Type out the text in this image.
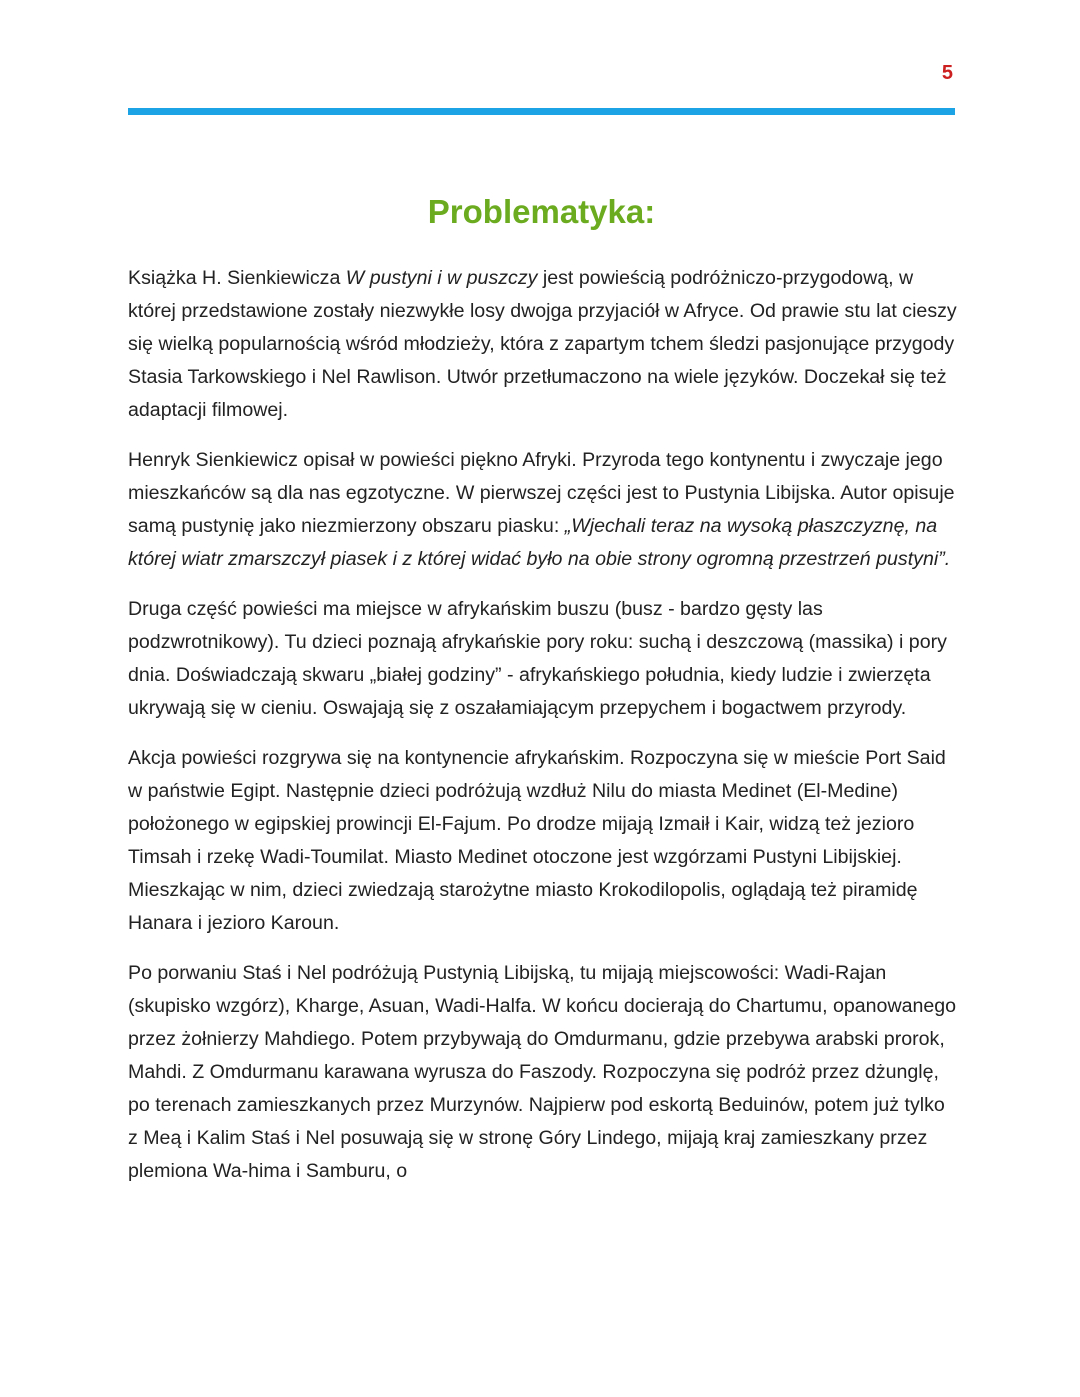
5
Problematyka:

Książka H. Sienkiewicza W pustyni i w puszczy jest powieścią podróżniczo-przygodową, w której przedstawione zostały niezwykłe losy dwojga przyjaciół w Afryce. Od prawie stu lat cieszy się wielką popularnością wśród młodzieży, która z zapartym tchem śledzi pasjonujące przygody Stasia Tarkowskiego i Nel Rawlison. Utwór przetłumaczono na wiele języków. Doczekał się też adaptacji filmowej.

Henryk Sienkiewicz opisał w powieści piękno Afryki. Przyroda tego kontynentu i zwyczaje jego mieszkańców są dla nas egzotyczne. W pierwszej części jest to Pustynia Libijska. Autor opisuje samą pustynię jako niezmierzony obszaru piasku: „Wjechali teraz na wysoką płaszczyznę, na której wiatr zmarszczył piasek i z której widać było na obie strony ogromną przestrzeń pustyni”.

Druga część powieści ma miejsce w afrykańskim buszu (busz - bardzo gęsty las podzwrotnikowy). Tu dzieci poznają afrykańskie pory roku: suchą i deszczową (massika) i pory dnia. Doświadczają skwaru „białej godziny” - afrykańskiego południa, kiedy ludzie i zwierzęta ukrywają się w cieniu. Oswajają się z oszałamiającym przepychem i bogactwem przyrody.

Akcja powieści rozgrywa się na kontynencie afrykańskim. Rozpoczyna się w mieście Port Said w państwie Egipt. Następnie dzieci podróżują wzdłuż Nilu do miasta Medinet (El-Medine) położonego w egipskiej prowincji El-Fajum. Po drodze mijają Izmaił i Kair, widzą też jezioro Timsah i rzekę Wadi-Toumilat. Miasto Medinet otoczone jest wzgórzami Pustyni Libijskiej. Mieszkając w nim, dzieci zwiedzają starożytne miasto Krokodilopolis, oglądają też piramidę Hanara i jezioro Karoun.

Po porwaniu Staś i Nel podróżują Pustynią Libijską, tu mijają miejscowości: Wadi-Rajan (skupisko wzgórz), Kharge, Asuan, Wadi-Halfa. W końcu docierają do Chartumu, opanowanego przez żołnierzy Mahdiego. Potem przybywają do Omdurmanu, gdzie przebywa arabski prorok, Mahdi. Z Omdurmanu karawana wyrusza do Faszody. Rozpoczyna się podróż przez dżunglę, po terenach zamieszkanych przez Murzynów. Najpierw pod eskortą Beduinów, potem już tylko z Meą i Kalim Staś i Nel posuwają się w stronę Góry Lindego, mijają kraj zamieszkany przez plemiona Wa-hima i Samburu, o
